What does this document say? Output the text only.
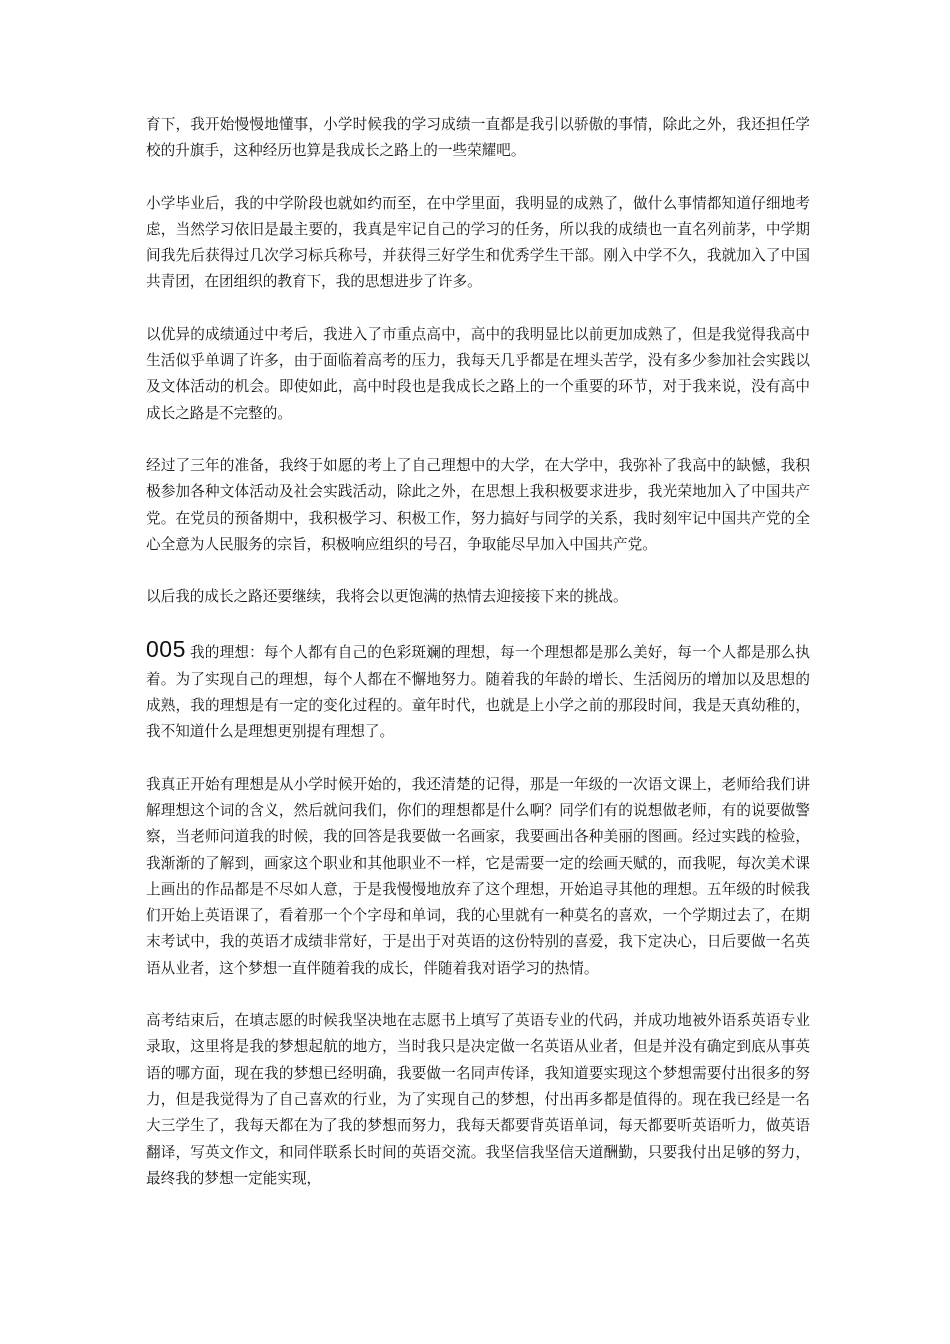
育下，我开始慢慢地懂事，小学时候我的学习成绩一直都是我引以骄傲的事情，除此之外，我还担任学校的升旗手，这种经历也算是我成长之路上的一些荣耀吧。

小学毕业后，我的中学阶段也就如约而至，在中学里面，我明显的成熟了，做什么事情都知道仔细地考虑，当然学习依旧是最主要的，我真是牢记自己的学习的任务，所以我的成绩也一直名列前茅，中学期间我先后获得过几次学习标兵称号，并获得三好学生和优秀学生干部。刚入中学不久，我就加入了中国共青团，在团组织的教育下，我的思想进步了许多。

以优异的成绩通过中考后，我进入了市重点高中，高中的我明显比以前更加成熟了，但是我觉得我高中生活似乎单调了许多，由于面临着高考的压力，我每天几乎都是在埋头苦学，没有多少参加社会实践以及文体活动的机会。即使如此，高中时段也是我成长之路上的一个重要的环节，对于我来说，没有高中成长之路是不完整的。

经过了三年的准备，我终于如愿的考上了自己理想中的大学，在大学中，我弥补了我高中的缺憾，我积极参加各种文体活动及社会实践活动，除此之外，在思想上我积极要求进步，我光荣地加入了中国共产党。在党员的预备期中，我积极学习、积极工作，努力搞好与同学的关系，我时刻牢记中国共产党的全心全意为人民服务的宗旨，积极响应组织的号召，争取能尽早加入中国共产党。

以后我的成长之路还要继续，我将会以更饱满的热情去迎接接下来的挑战。

005 我的理想：每个人都有自己的色彩斑斓的理想，每一个理想都是那么美好，每一个人都是那么执着。为了实现自己的理想，每个人都在不懈地努力。随着我的年龄的增长、生活阅历的增加以及思想的成熟，我的理想是有一定的变化过程的。童年时代，也就是上小学之前的那段时间，我是天真幼稚的，我不知道什么是理想更别提有理想了。

我真正开始有理想是从小学时候开始的，我还清楚的记得，那是一年级的一次语文课上，老师给我们讲解理想这个词的含义，然后就问我们，你们的理想都是什么啊？同学们有的说想做老师，有的说要做警察，当老师问道我的时候，我的回答是我要做一名画家，我要画出各种美丽的图画。经过实践的检验，我渐渐的了解到，画家这个职业和其他职业不一样，它是需要一定的绘画天赋的，而我呢，每次美术课上画出的作品都是不尽如人意，于是我慢慢地放弃了这个理想，开始追寻其他的理想。五年级的时候我们开始上英语课了，看着那一个个字母和单词，我的心里就有一种莫名的喜欢，一个学期过去了，在期末考试中，我的英语才成绩非常好，于是出于对英语的这份特别的喜爱，我下定决心，日后要做一名英语从业者，这个梦想一直伴随着我的成长，伴随着我对语学习的热情。

高考结束后，在填志愿的时候我坚决地在志愿书上填写了英语专业的代码，并成功地被外语系英语专业录取，这里将是我的梦想起航的地方，当时我只是决定做一名英语从业者，但是并没有确定到底从事英语的哪方面，现在我的梦想已经明确，我要做一名同声传译，我知道要实现这个梦想需要付出很多的努力，但是我觉得为了自己喜欢的行业，为了实现自己的梦想，付出再多都是值得的。现在我已经是一名大三学生了，我每天都在为了我的梦想而努力，我每天都要背英语单词，每天都要听英语听力，做英语翻译，写英文作文，和同伴联系长时间的英语交流。我坚信我坚信天道酬勤，只要我付出足够的努力，最终我的梦想一定能实现，
